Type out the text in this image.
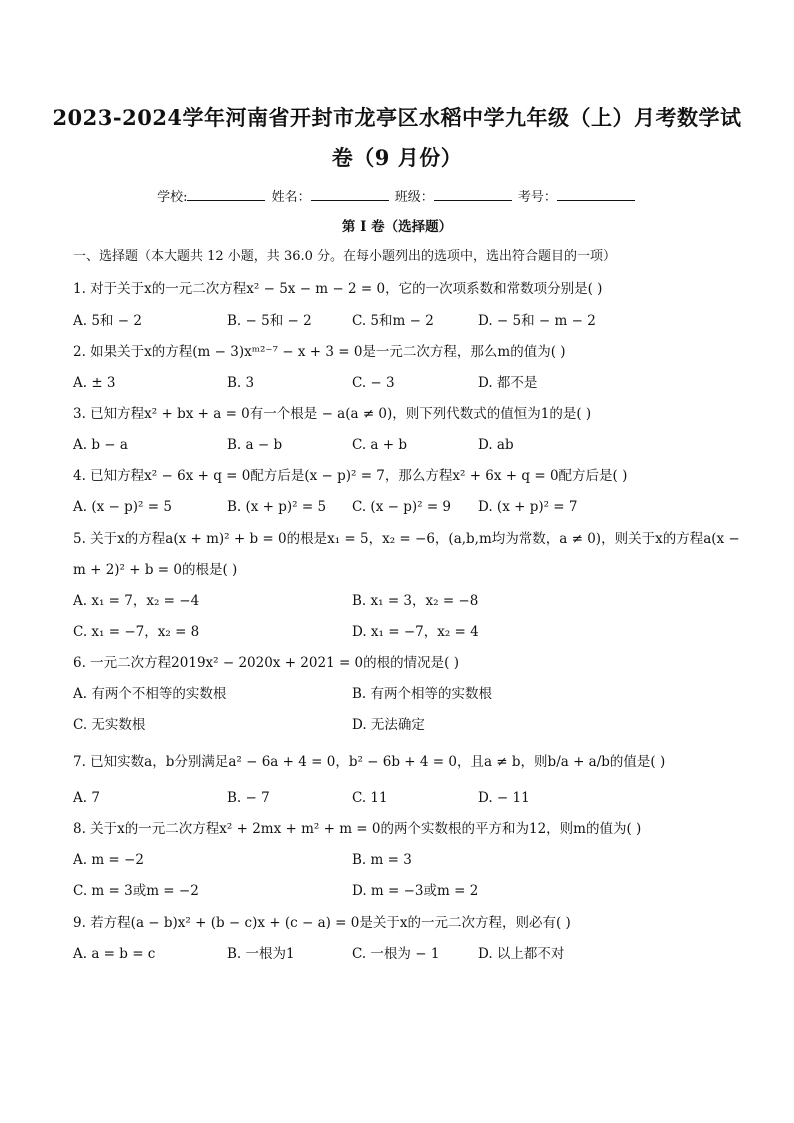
2023-2024学年河南省开封市龙亭区水稻中学九年级（上）月考数学试
卷（9 月份）
学校:	姓名：	班级：	考号：
第 I 卷（选择题）
一、选择题（本大题共 12 小题，共 36.0 分。在每小题列出的选项中，选出符合题目的一项）
1. 对于关于x的一元二次方程x² − 5x − m − 2 = 0，它的一次项系数和常数项分别是( )
A. 5和 − 2	B. − 5和 − 2	C. 5和m − 2	D. − 5和 − m − 2
2. 如果关于x的方程(m − 3)xᵐ²⁻⁷ − x + 3 = 0是一元二次方程，那么m的值为( )
A. ± 3	B. 3	C. − 3	D. 都不是
3. 已知方程x² + bx + a = 0有一个根是 − a(a ≠ 0)，则下列代数式的值恒为1的是( )
A. b − a	B. a − b	C. a + b	D. ab
4. 已知方程x² − 6x + q = 0配方后是(x − p)² = 7，那么方程x² + 6x + q = 0配方后是( )
A. (x − p)² = 5	B. (x + p)² = 5 C. (x − p)² = 9 D. (x + p)² = 7
5. 关于x的方程a(x + m)² + b = 0的根是x₁ = 5，x₂ = −6，(a,b,m均为常数，a ≠ 0)，则关于x的方程a(x −
m + 2)² + b = 0的根是( )
A. x₁ = 7，x₂ = −4	B. x₁ = 3，x₂ = −8
C. x₁ = −7，x₂ = 8	D. x₁ = −7，x₂ = 4
6. 一元二次方程2019x² − 2020x + 2021 = 0的根的情况是( )
A. 有两个不相等的实数根	B. 有两个相等的实数根
C. 无实数根	D. 无法确定
7. 已知实数a，b分别满足a² − 6a + 4 = 0，b² − 6b + 4 = 0，且a ≠ b，则b/a + a/b的值是( )
A. 7	B. − 7	C. 11	D. − 11
8. 关于x的一元二次方程x² + 2mx + m² + m = 0的两个实数根的平方和为12，则m的值为( )
A. m = −2	B. m = 3
C. m = 3或m = −2	D. m = −3或m = 2
9. 若方程(a − b)x² + (b − c)x + (c − a) = 0是关于x的一元二次方程，则必有( )
A. a = b = c	B. 一根为1	C. 一根为 − 1	D. 以上都不对
